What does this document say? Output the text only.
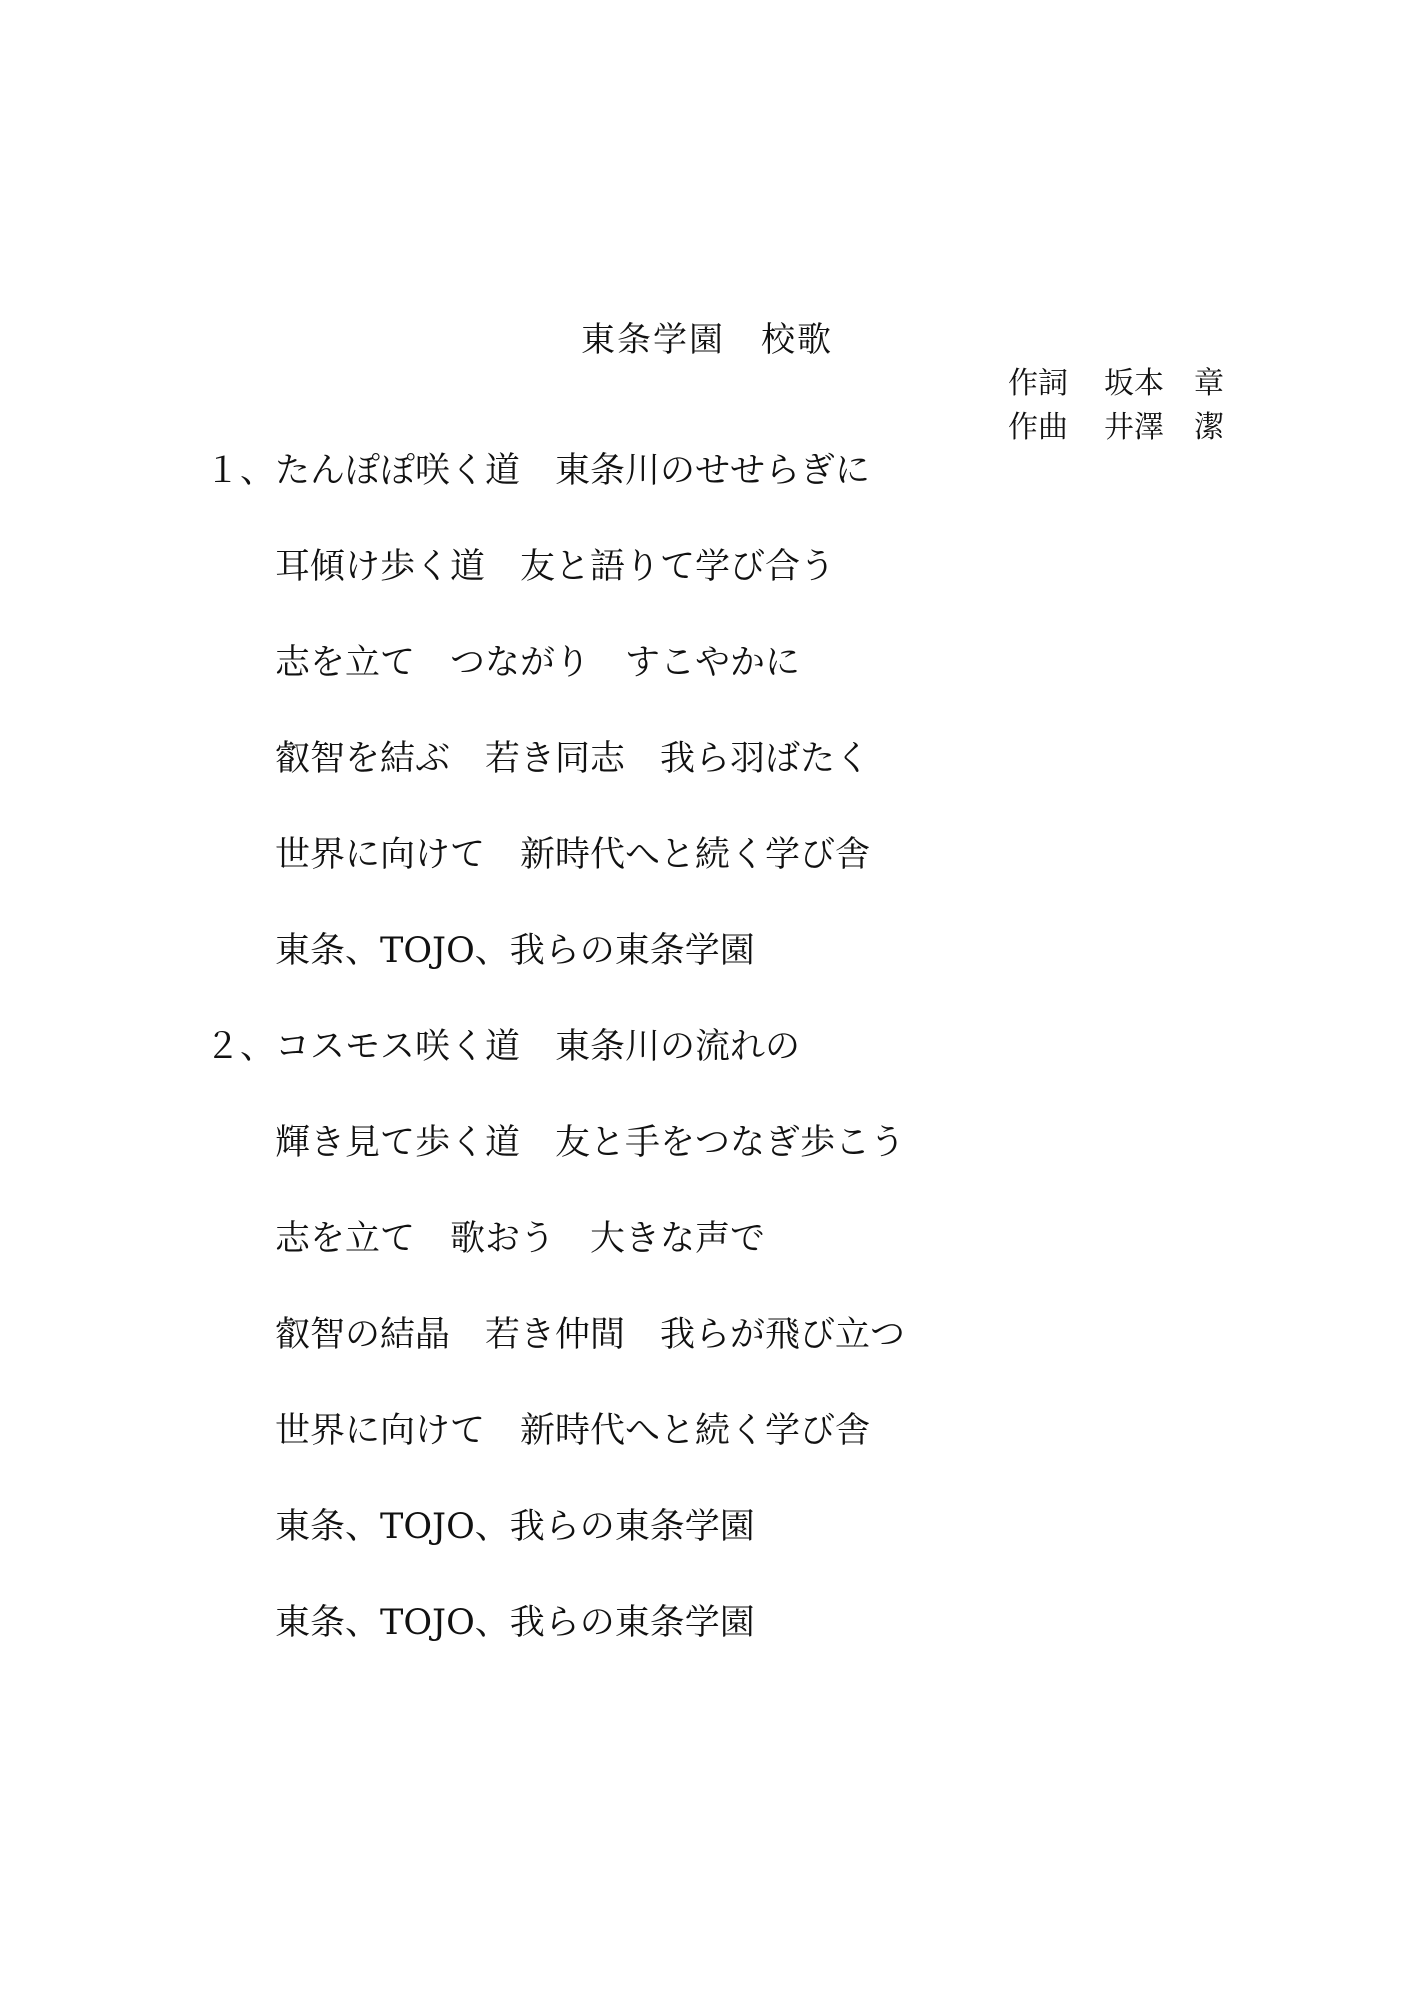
東条学園　校歌
作詞	坂本　章
作曲	井澤　潔
１、 たんぽぽ咲く道　東条川のせせらぎに
耳傾け歩く道　友と語りて学び合う
志を立て　つながり　すこやかに
叡智を結ぶ　若き同志　我ら羽ばたく
世界に向けて　新時代へと続く学び舎
東条、TOJO、我らの東条学園
２、 コスモス咲く道　東条川の流れの
輝き見て歩く道　友と手をつなぎ歩こう
志を立て　歌おう　大きな声で
叡智の結晶　若き仲間　我らが飛び立つ
世界に向けて　新時代へと続く学び舎
東条、TOJO、我らの東条学園
東条、TOJO、我らの東条学園
